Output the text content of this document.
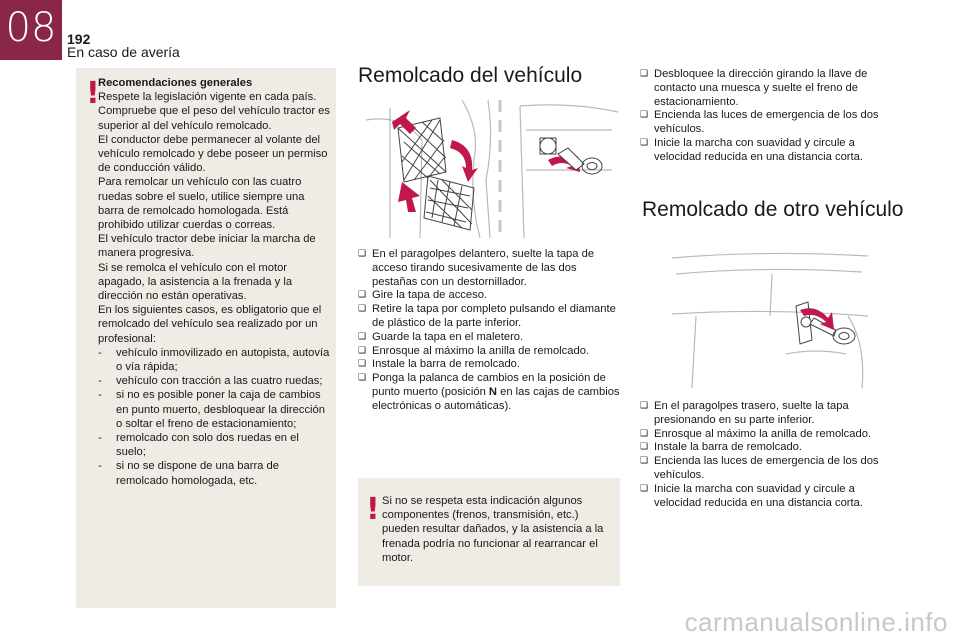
08 192
En caso de avería
!
Recomendaciones generales
Respete la legislación vigente en cada país.
Compruebe que el peso del vehículo tractor es superior al del vehículo remolcado.
El conductor debe permanecer al volante del vehículo remolcado y debe poseer un permiso de conducción válido.
Para remolcar un vehículo con las cuatro ruedas sobre el suelo, utilice siempre una barra de remolcado homologada. Está prohibido utilizar cuerdas o correas.
El vehículo tractor debe iniciar la marcha de manera progresiva.
Si se remolca el vehículo con el motor apagado, la asistencia a la frenada y la dirección no están operativas.
En los siguientes casos, es obligatorio que el remolcado del vehículo sea realizado por un profesional:
- vehículo inmovilizado en autopista, autovía o vía rápida;
- vehículo con tracción a las cuatro ruedas;
- si no es posible poner la caja de cambios en punto muerto, desbloquear la dirección o soltar el freno de estacionamiento;
- remolcado con solo dos ruedas en el suelo;
- si no se dispone de una barra de remolcado homologada, etc.
Remolcado del vehículo
❑ En el paragolpes delantero, suelte la tapa de acceso tirando sucesivamente de las dos pestañas con un destornillador.
❑ Gire la tapa de acceso.
❑ Retire la tapa por completo pulsando el diamante de plástico de la parte inferior.
❑ Guarde la tapa en el maletero.
❑ Enrosque al máximo la anilla de remolcado.
❑ Instale la barra de remolcado.
❑ Ponga la palanca de cambios en la posición de punto muerto (posición N en las cajas de cambios electrónicas o automáticas).
! Si no se respeta esta indicación algunos componentes (frenos, transmisión, etc.) pueden resultar dañados, y la asistencia a la frenada podría no funcionar al rearrancar el motor.
❑ Desbloquee la dirección girando la llave de contacto una muesca y suelte el freno de estacionamiento.
❑ Encienda las luces de emergencia de los dos vehículos.
❑ Inicie la marcha con suavidad y circule a velocidad reducida en una distancia corta.
Remolcado de otro vehículo
❑ En el paragolpes trasero, suelte la tapa presionando en su parte inferior.
❑ Enrosque al máximo la anilla de remolcado.
❑ Instale la barra de remolcado.
❑ Encienda las luces de emergencia de los dos vehículos.
❑ Inicie la marcha con suavidad y circule a velocidad reducida en una distancia corta.
carmanualsonline.info
